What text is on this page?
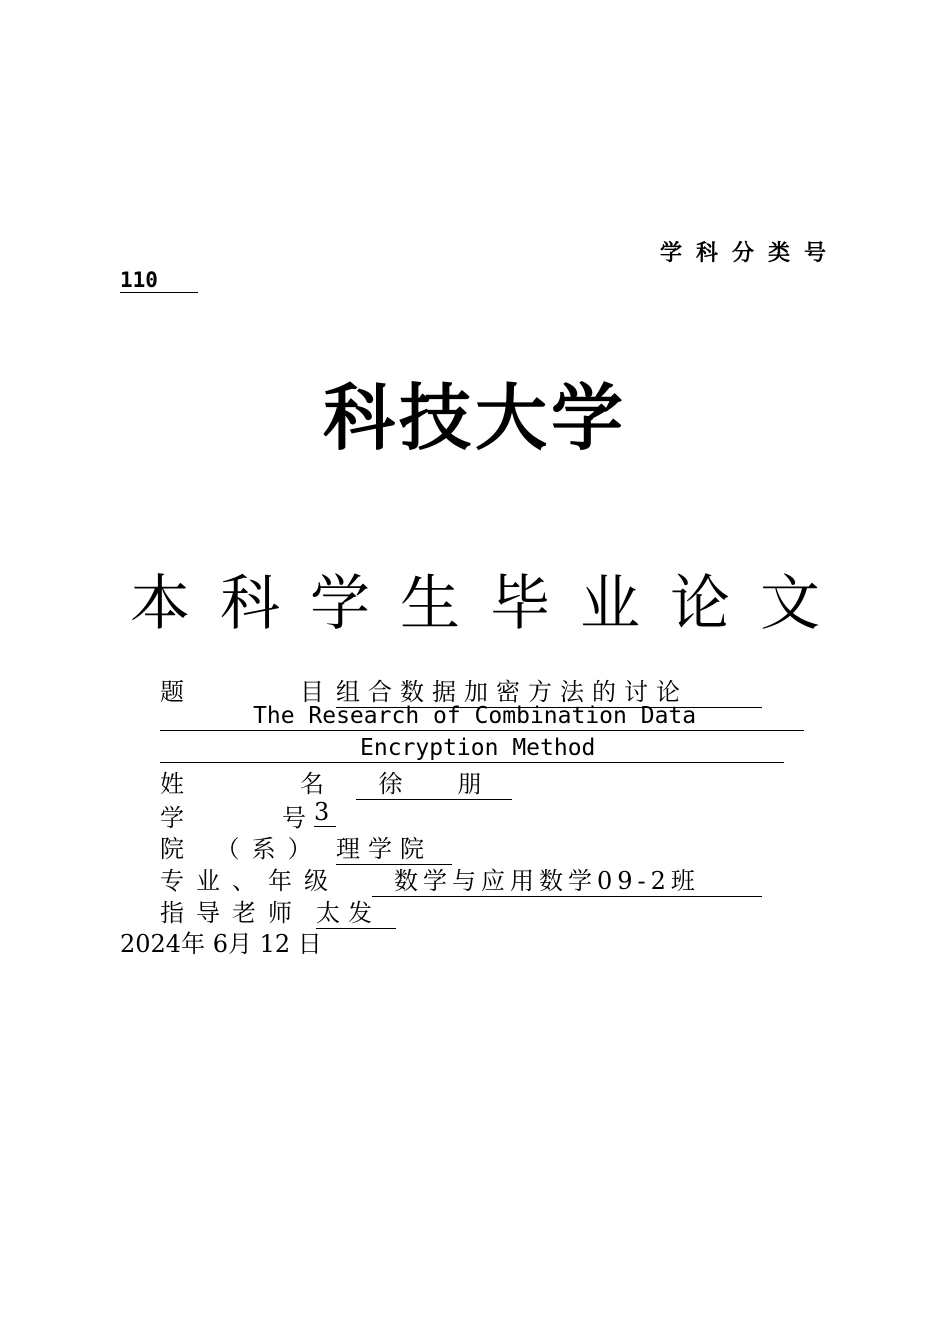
学科分类号
110
科技大学
本科学生毕业论文
题	目 组合数据加密方法的讨论
The Research of Combination Data
Encryption Method
姓	名	徐   朋
学	号 3
院 （系） 理学院
专业、年级	数学与应用数学09-2班
指导老师 太发
2024年 6月 12 日
